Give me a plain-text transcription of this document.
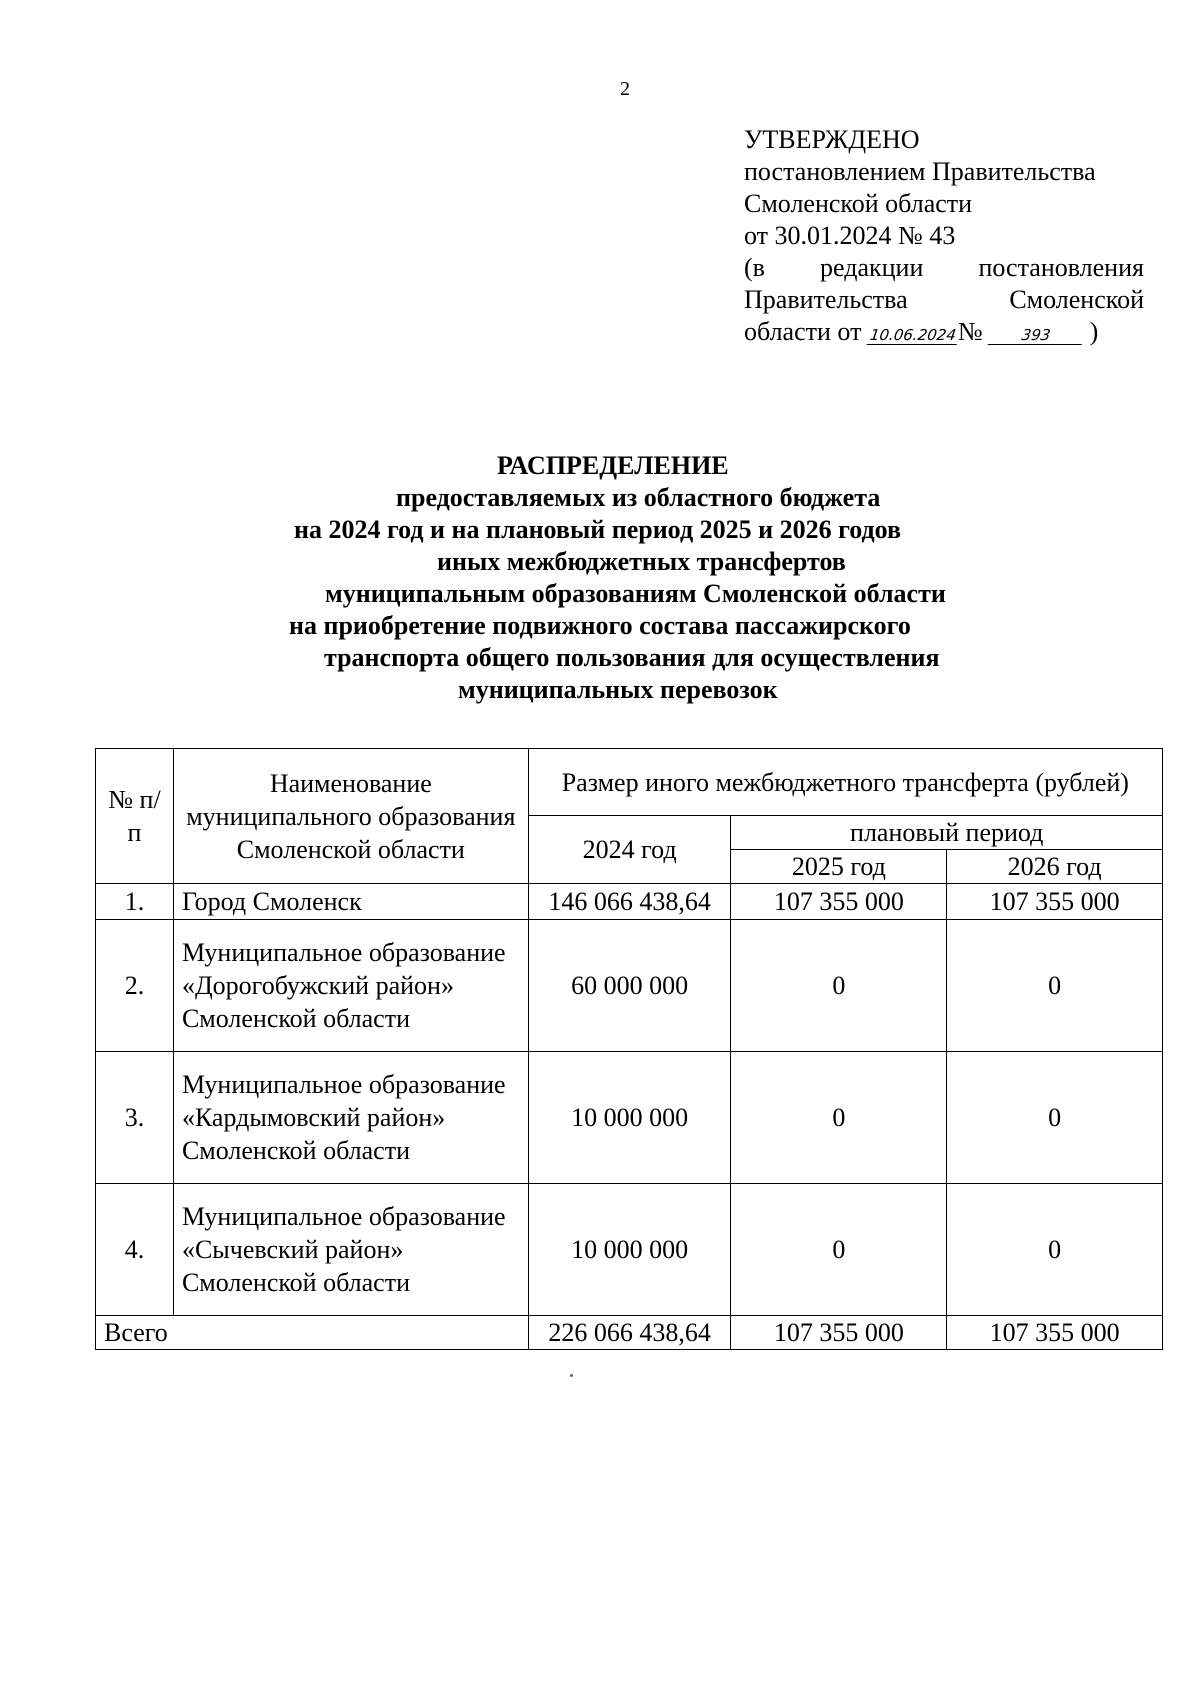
2
УТВЕРЖДЕНО
постановлением Правительства
Смоленской области
от 30.01.2024 № 43
(в редакции постановления
Правительства	Смоленской
области от 10.06.2024№	393 )
РАСПРЕДЕЛЕНИЕ
предоставляемых из областного бюджета
на 2024 год и на плановый период 2025 и 2026 годов
иных межбюджетных трансфертов
муниципальным образованиям Смоленской области
на приобретение подвижного состава пассажирского
транспорта общего пользования для осуществления
муниципальных перевозок
№ п/п	Наименование муниципального образования Смоленской области	Размер иного межбюджетного трансферта (рублей)		
		2024 год	плановый период	
			2025 год	2026 год
1.	Город Смоленск	146 066 438,64	107 355 000	107 355 000
2.	Муниципальное образование «Дорогобужский район» Смоленской области	60 000 000	0	0
3.	Муниципальное образование «Кардымовский район» Смоленской области	10 000 000	0	0
4.	Муниципальное образование «Сычевский район» Смоленской области	10 000 000	0	0
Всего		226 066 438,64	107 355 000	107 355 000
